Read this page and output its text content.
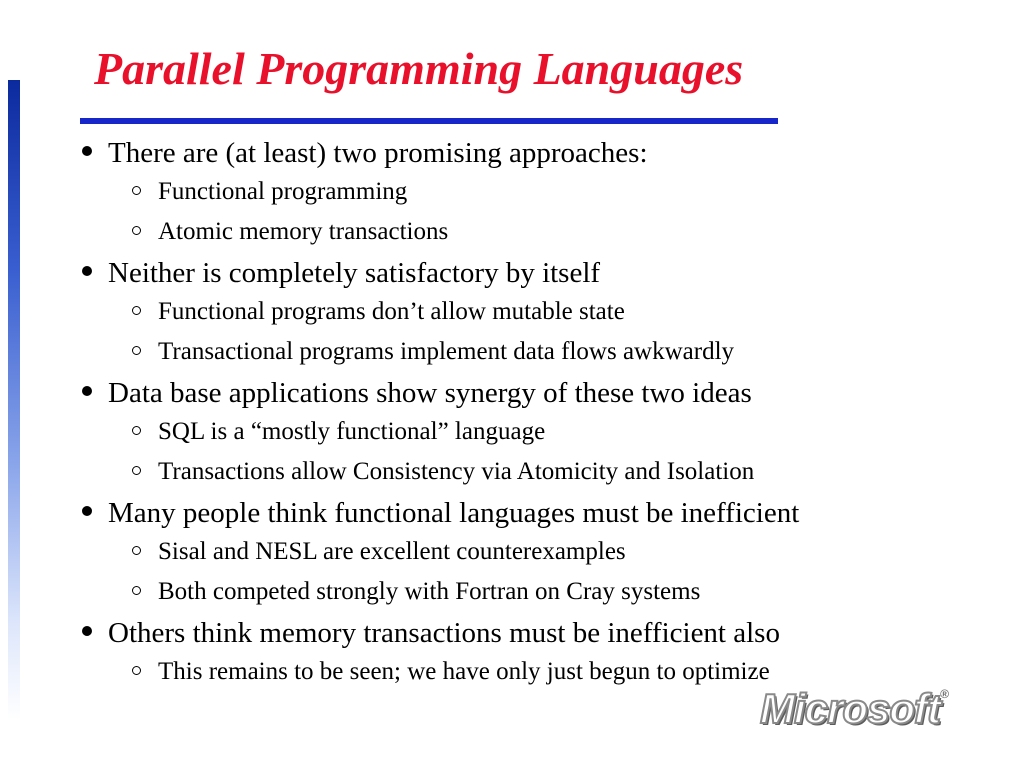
Parallel Programming Languages
There are (at least) two promising approaches:
Functional programming
Atomic memory transactions
Neither is completely satisfactory by itself
Functional programs don’t allow mutable state
Transactional programs implement data flows awkwardly
Data base applications show synergy of these two ideas
SQL is a “mostly functional” language
Transactions allow Consistency via Atomicity and Isolation
Many people think functional languages must be inefficient
Sisal and NESL are excellent counterexamples
Both competed strongly with Fortran on Cray systems
Others think memory transactions must be inefficient also
This remains to be seen; we have only just begun to optimize
Microsoft®
